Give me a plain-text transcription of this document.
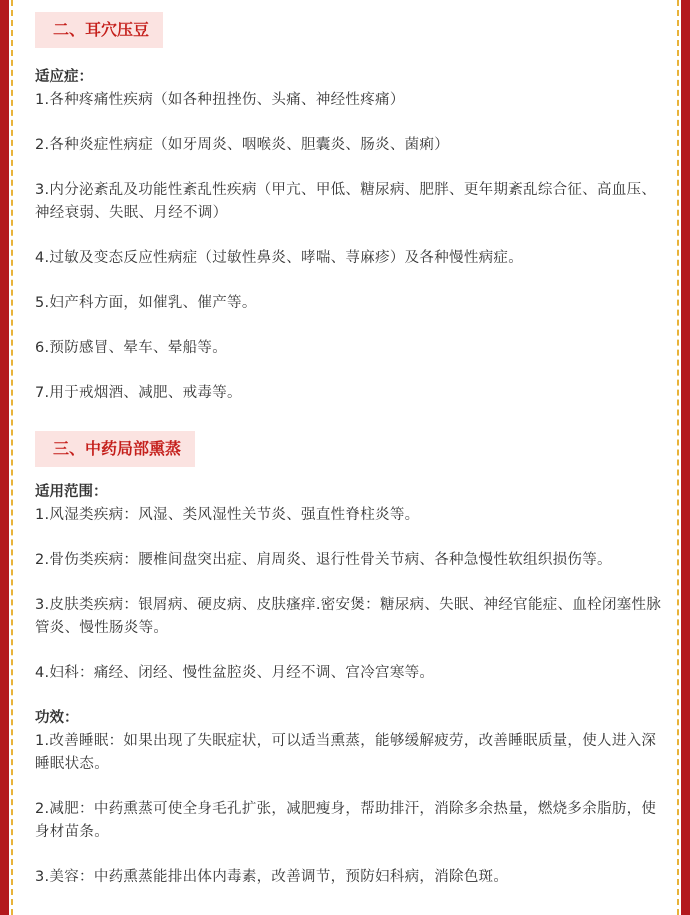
二、耳穴压豆

适应症：

1.各种疼痛性疾病（如各种扭挫伤、头痛、神经性疼痛）

2.各种炎症性病症（如牙周炎、咽喉炎、胆囊炎、肠炎、菌痢）

3.内分泌紊乱及功能性紊乱性疾病（甲亢、甲低、糖尿病、肥胖、更年期紊乱综合征、高血压、神经衰弱、失眠、月经不调）

4.过敏及变态反应性病症（过敏性鼻炎、哮喘、荨麻疹）及各种慢性病症。

5.妇产科方面，如催乳、催产等。

6.预防感冒、晕车、晕船等。

7.用于戒烟酒、减肥、戒毒等。

三、中药局部熏蒸

适用范围：

1.风湿类疾病：风湿、类风湿性关节炎、强直性脊柱炎等。

2.骨伤类疾病：腰椎间盘突出症、肩周炎、退行性骨关节病、各种急慢性软组织损伤等。

3.皮肤类疾病：银屑病、硬皮病、皮肤瘙痒.密安煲：糖尿病、失眠、神经官能症、血栓闭塞性脉管炎、慢性肠炎等。

4.妇科：痛经、闭经、慢性盆腔炎、月经不调、宫冷宫寒等。

功效：

1.改善睡眠：如果出现了失眠症状，可以适当熏蒸，能够缓解疲劳，改善睡眠质量，使人进入深睡眠状态。

2.减肥：中药熏蒸可使全身毛孔扩张，减肥瘦身，帮助排汗，消除多余热量，燃烧多余脂肪，使身材苗条。

3.美容：中药熏蒸能排出体内毒素，改善调节，预防妇科病，消除色斑。
